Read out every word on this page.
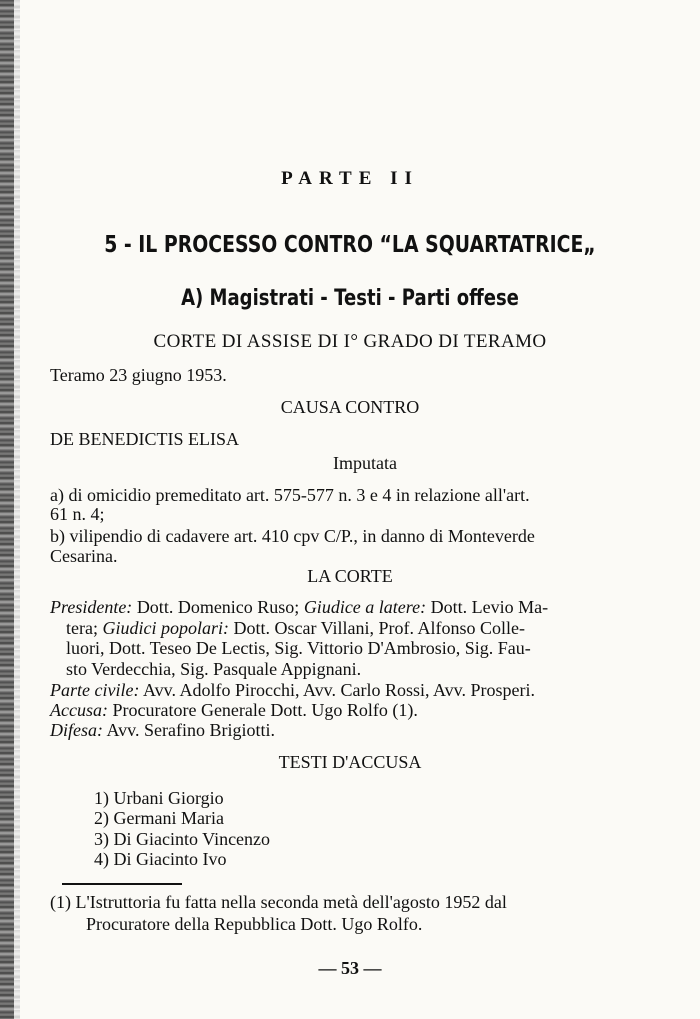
PARTE II
5 - IL PROCESSO CONTRO “LA SQUARTATRICE„
A) Magistrati - Testi - Parti offese
CORTE DI ASSISE DI I° GRADO DI TERAMO
Teramo 23 giugno 1953.
CAUSA CONTRO
DE BENEDICTIS ELISA
Imputata
a) di omicidio premeditato art. 575-577 n. 3 e 4 in relazione all'art.
61 n. 4;
b) vilipendio di cadavere art. 410 cpv C/P., in danno di Monteverde
Cesarina.
LA CORTE
Presidente: Dott. Domenico Ruso; Giudice a latere: Dott. Levio Ma-
tera; Giudici popolari: Dott. Oscar Villani, Prof. Alfonso Colle-
luori, Dott. Teseo De Lectis, Sig. Vittorio D'Ambrosio, Sig. Fau-
sto Verdecchia, Sig. Pasquale Appignani.
Parte civile: Avv. Adolfo Pirocchi, Avv. Carlo Rossi, Avv. Prosperi.
Accusa: Procuratore Generale Dott. Ugo Rolfo (1).
Difesa: Avv. Serafino Brigiotti.
TESTI D'ACCUSA
1) Urbani Giorgio
2) Germani Maria
3) Di Giacinto Vincenzo
4) Di Giacinto Ivo
(1) L'Istruttoria fu fatta nella seconda metà dell'agosto 1952 dal
Procuratore della Repubblica Dott. Ugo Rolfo.
— 53 —
